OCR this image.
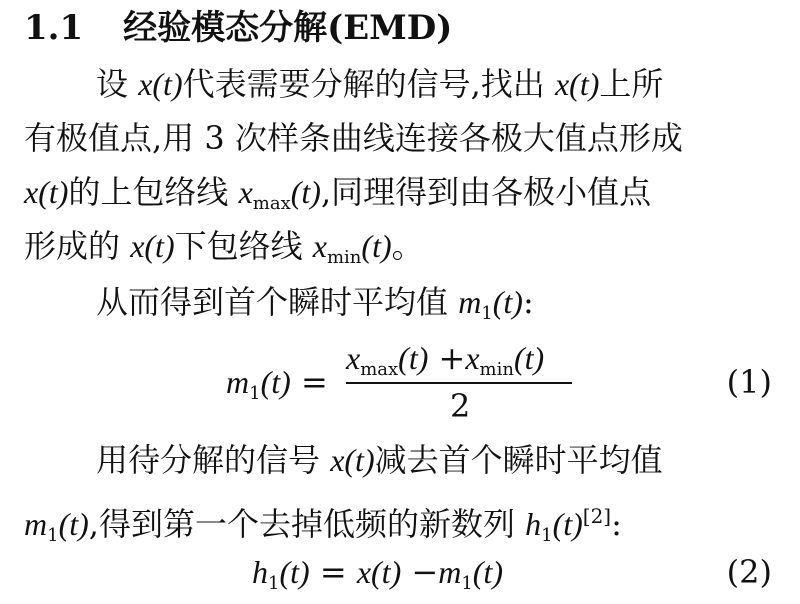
1.1 经验模态分解(EMD)
设 x(t)代表需要分解的信号,找出 x(t)上所
有极值点,用 3 次样条曲线连接各极大值点形成
x(t)的上包络线 $x_{max}(t)$,同理得到由各极小值点
形成的 x(t)下包络线 $x_{min}(t)$。
从而得到首个瞬时平均值 $m_1(t)$:
$m_1(t)$ =
$x_{max}(t) +x_{min}(t)$
2
(1)
用待分解的信号 x(t)减去首个瞬时平均值
$m_1(t)$,得到第一个去掉低频的新数列 $h_1(t)[2]$:
$h_1(t) = x(t) -m_1(t)$	(2)
